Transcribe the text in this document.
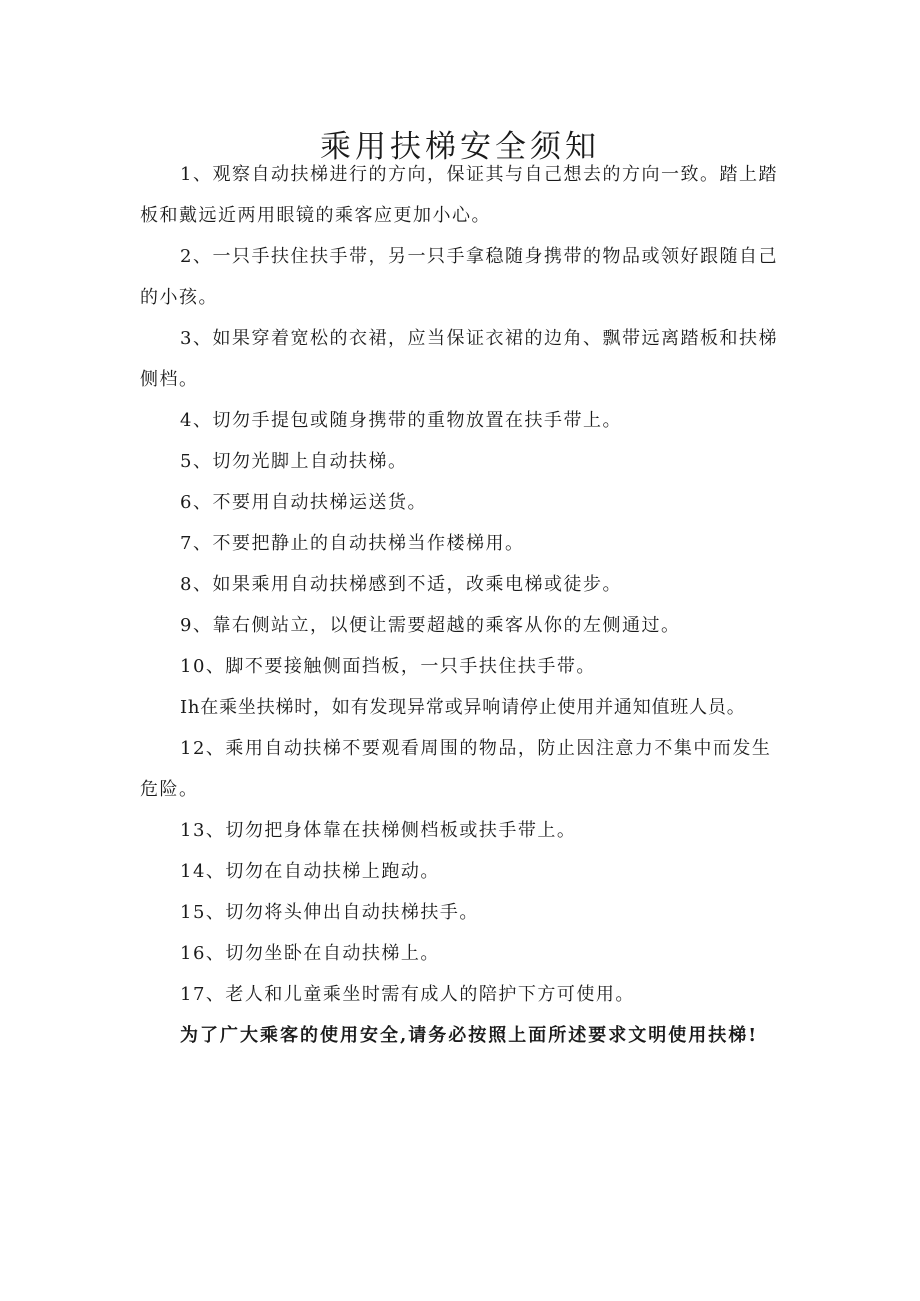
乘用扶梯安全须知

1、观察自动扶梯进行的方向，保证其与自己想去的方向一致。踏上踏板和戴远近两用眼镜的乘客应更加小心。

2、一只手扶住扶手带，另一只手拿稳随身携带的物品或领好跟随自己的小孩。

3、如果穿着宽松的衣裙，应当保证衣裙的边角、飘带远离踏板和扶梯侧档。

4、切勿手提包或随身携带的重物放置在扶手带上。

5、切勿光脚上自动扶梯。

6、不要用自动扶梯运送货。

7、不要把静止的自动扶梯当作楼梯用。

8、如果乘用自动扶梯感到不适，改乘电梯或徒步。

9、靠右侧站立，以便让需要超越的乘客从你的左侧通过。

10、脚不要接触侧面挡板，一只手扶住扶手带。

Ih在乘坐扶梯时，如有发现异常或异响请停止使用并通知值班人员。

12、乘用自动扶梯不要观看周围的物品，防止因注意力不集中而发生危险。

13、切勿把身体靠在扶梯侧档板或扶手带上。

14、切勿在自动扶梯上跑动。

15、切勿将头伸出自动扶梯扶手。

16、切勿坐卧在自动扶梯上。

17、老人和儿童乘坐时需有成人的陪护下方可使用。

为了广大乘客的使用安全,请务必按照上面所述要求文明使用扶梯!
